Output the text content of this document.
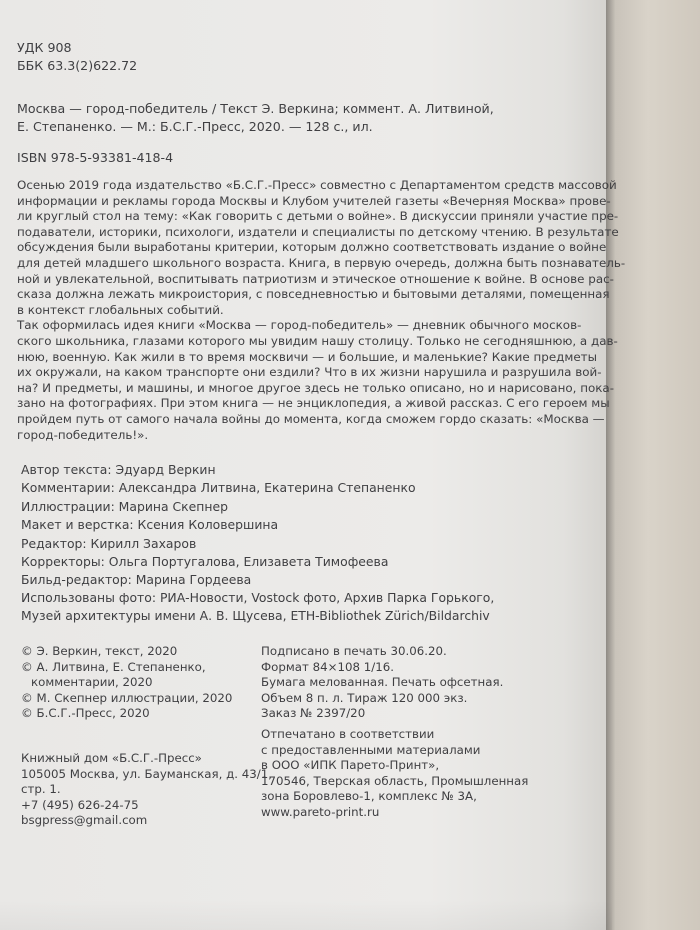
УДК 908
ББК 63.3(2)622.72
Москва — город-победитель / Текст Э. Веркина; коммент. А. Литвиной,
Е. Степаненко. — М.: Б.С.Г.-Пресс, 2020. — 128 с., ил.
ISBN 978-5-93381-418-4
Осенью 2019 года издательство «Б.С.Г.-Пресс» совместно с Департаментом средств массовой
информации и рекламы города Москвы и Клубом учителей газеты «Вечерняя Москва» прове-
ли круглый стол на тему: «Как говорить с детьми о войне». В дискуссии приняли участие пре-
подаватели, историки, психологи, издатели и специалисты по детскому чтению. В результате
обсуждения были выработаны критерии, которым должно соответствовать издание о войне
для детей младшего школьного возраста. Книга, в первую очередь, должна быть познаватель-
ной и увлекательной, воспитывать патриотизм и этическое отношение к войне. В основе рас-
сказа должна лежать микроистория, с повседневностью и бытовыми деталями, помещенная
в контекст глобальных событий.
Так оформилась идея книги «Москва — город-победитель» — дневник обычного москов-
ского школьника, глазами которого мы увидим нашу столицу. Только не сегодняшнюю, а дав-
нюю, военную. Как жили в то время москвичи — и большие, и маленькие? Какие предметы
их окружали, на каком транспорте они ездили? Что в их жизни нарушила и разрушила вой-
на? И предметы, и машины, и многое другое здесь не только описано, но и нарисовано, пока-
зано на фотографиях. При этом книга — не энциклопедия, а живой рассказ. С его героем мы
пройдем путь от самого начала войны до момента, когда сможем гордо сказать: «Москва —
город-победитель!».
Автор текста: Эдуард Веркин
Комментарии: Александра Литвина, Екатерина Степаненко
Иллюстрации: Марина Скепнер
Макет и верстка: Ксения Коловершина
Редактор: Кирилл Захаров
Корректоры: Ольга Португалова, Елизавета Тимофеева
Бильд-редактор: Марина Гордеева
Использованы фото: РИА-Новости, Vostock фото, Архив Парка Горького,
Музей архитектуры имени А. В. Щусева, ETH-Bibliothek Zürich/Bildarchiv
© Э. Веркин, текст, 2020
© А. Литвина, Е. Степаненко,
комментарии, 2020
© М. Скепнер иллюстрации, 2020
© Б.С.Г.-Пресс, 2020
Подписано в печать 30.06.20.
Формат 84×108 1/16.
Бумага мелованная. Печать офсетная.
Объем 8 п. л. Тираж 120 000 экз.
Заказ № 2397/20
Книжный дом «Б.С.Г.-Пресс»
105005 Москва, ул. Бауманская, д. 43/1,
стр. 1.
+7 (495) 626-24-75
bsgpress@gmail.com
Отпечатано в соответствии
с предоставленными материалами
в ООО «ИПК Парето-Принт»,
170546, Тверская область, Промышленная
зона Боровлево-1, комплекс № 3А,
www.pareto-print.ru
